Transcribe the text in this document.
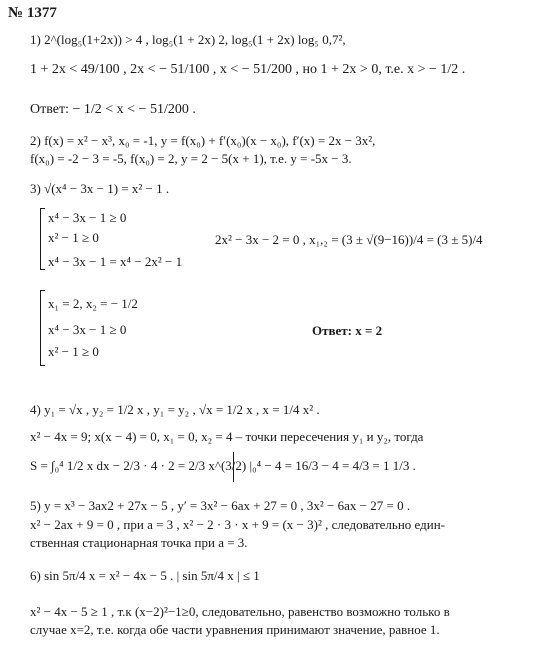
№ 1377
1) 2^(log₅(1+2x)) > 4 , log₅(1 + 2x) 2, log₅(1 + 2x) log₅ 0,7²,
1 + 2x < 49/100 , 2x < − 51/100 , x < − 51/200 , но 1 + 2x > 0, т.е. x > − 1/2 .
Ответ: − 1/2 < x < − 51/200 .
2) f(x) = x² − x³, x₀ = -1, y = f(x₀) + f′(x₀)(x − x₀), f′(x) = 2x − 3x²,
f(x₀) = -2 − 3 = -5, f(x₀) = 2, y = 2 − 5(x + 1), т.е. y = -5x − 3.
3) √(x⁴ − 3x − 1) = x² − 1 .
x⁴ − 3x − 1 ≥ 0
x² − 1 ≥ 0
x⁴ − 3x − 1 = x⁴ − 2x² − 1
2x² − 3x − 2 = 0 , x₁,₂ = (3 ± √(9−16))/4 = (3 ± 5)/4
x₁ = 2, x₂ = − 1/2
x⁴ − 3x − 1 ≥ 0
x² − 1 ≥ 0
Ответ: x = 2
4) y₁ = √x , y₂ = 1/2 x , y₁ = y₂ , √x = 1/2 x , x = 1/4 x² .
x² − 4x = 9; x(x − 4) = 0, x₁ = 0, x₂ = 4 – точки пересечения y₁ и y₂, тогда
S = ∫₀⁴ 1/2 x dx − 2/3 · 4 · 2 = 2/3 x^(3/2) |₀⁴ − 4 = 16/3 − 4 = 4/3 = 1 1/3 .
5) y = x³ − 3ax2 + 27x − 5 , y′ = 3x² − 6ax + 27 = 0 , 3x² − 6ax − 27 = 0 .
x² − 2ax + 9 = 0 , при a = 3 , x² − 2 · 3 · x + 9 = (x − 3)² , следовательно един-
ственная стационарная точка при a = 3.
6) sin 5π/4 x = x² − 4x − 5 . | sin 5π/4 x | ≤ 1
x² − 4x − 5 ≥ 1 , т.к (x−2)²−1≥0, следовательно, равенство возможно только в
случае x=2, т.е. когда обе части уравнения принимают значение, равное 1.
